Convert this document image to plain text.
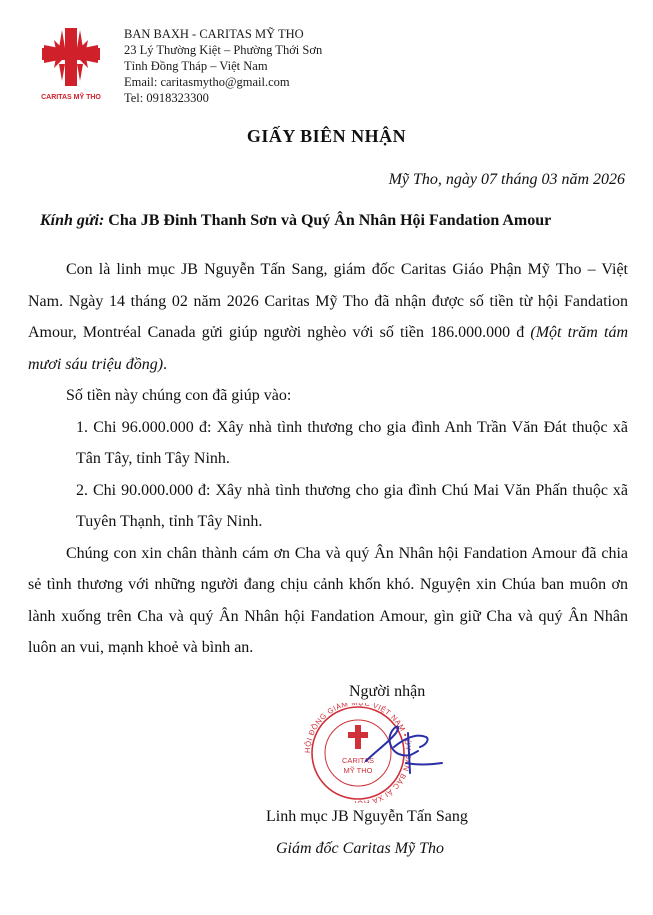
CARITAS MỸ THO
BAN BAXH - CARITAS MỸ THO
23 Lý Thường Kiệt – Phường Thới Sơn
Tỉnh Đồng Tháp – Việt Nam
Email: caritasmytho@gmail.com
Tel: 0918323300
GIẤY BIÊN NHẬN
Mỹ Tho, ngày 07 tháng 03 năm 2026
Kính gửi: Cha JB Đinh Thanh Sơn và Quý Ân Nhân Hội Fandation Amour

Con là linh mục JB Nguyễn Tấn Sang, giám đốc Caritas Giáo Phận Mỹ Tho – Việt Nam. Ngày 14 tháng 02 năm 2026 Caritas Mỹ Tho đã nhận được số tiền từ hội Fandation Amour, Montréal Canada gửi giúp người nghèo với số tiền 186.000.000 đ (Một trăm tám mươi sáu triệu đồng).

Số tiền này chúng con đã giúp vào:

1. Chi 96.000.000 đ: Xây nhà tình thương cho gia đình Anh Trần Văn Đát thuộc xã Tân Tây, tỉnh Tây Ninh.

2. Chi 90.000.000 đ: Xây nhà tình thương cho gia đình Chú Mai Văn Phấn thuộc xã Tuyên Thạnh, tỉnh Tây Ninh.

Chúng con xin chân thành cám ơn Cha và quý Ân Nhân hội Fandation Amour đã chia sẻ tình thương với những người đang chịu cảnh khốn khó. Nguyện xin Chúa ban muôn ơn lành xuống trên Cha và quý Ân Nhân hội Fandation Amour, gìn giữ Cha và quý Ân Nhân luôn an vui, mạnh khoẻ và bình an.

Người nhận
HỘI ĐỒNG GIÁM C VIỆT NAM • ỦY BAN BÁC ÁI XÃ H
CARITAS
MỸ THO
Linh mục JB Nguyễn Tấn Sang
Giám đốc Caritas Mỹ Tho
